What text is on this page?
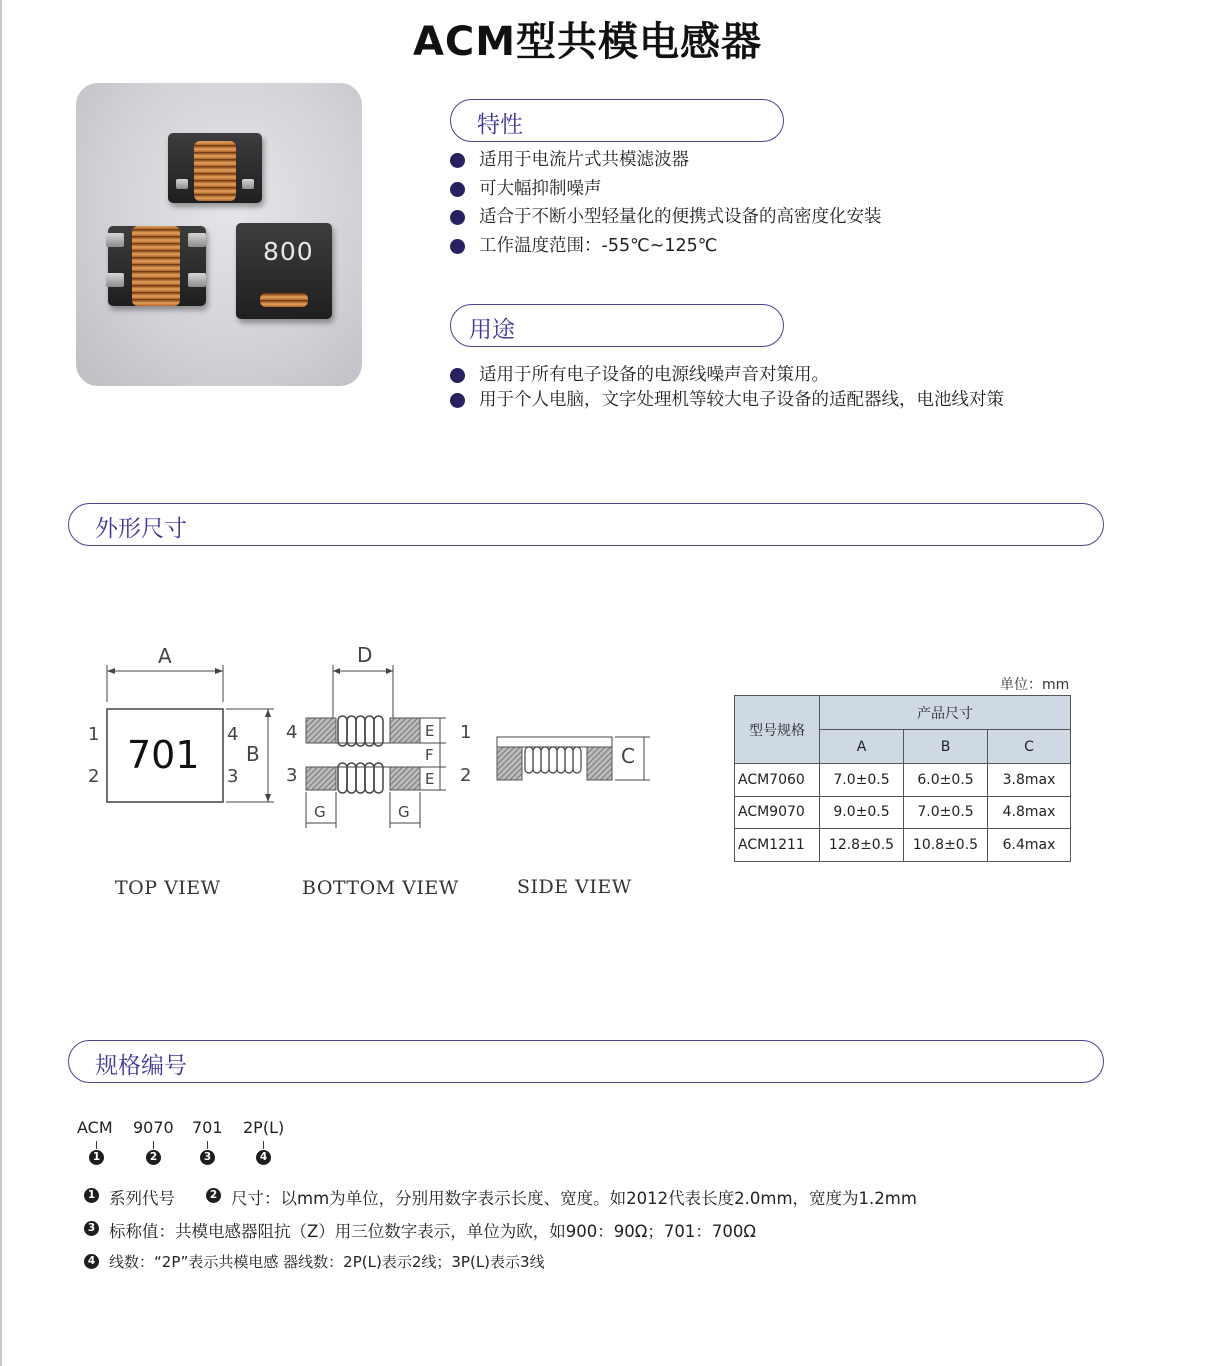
ACM型共模电感器
800
特性
适用于电流片式共模滤波器
可大幅抑制噪声
适合于不断小型轻量化的便携式设备的高密度化安装
工作温度范围：-55℃~125℃
用途
适用于所有电子设备的电源线噪声音对策用。
用于个人电脑，文字处理机等较大电子设备的适配器线，电池线对策
外形尺寸
A
701
1
2
4
3
B
TOP VIEW
D
E
F
E
G	G
4
3
1
2
BOTTOM VIEW
C
SIDE VIEW
单位：mm
型号规格	产品尺寸		
	A	B	C
ACM7060	7.0±0.5	6.0±0.5	3.8max
ACM9070	9.0±0.5	7.0±0.5	4.8max
ACM1211	12.8±0.5	10.8±0.5	6.4max
规格编号
ACM 9070 701 2P(L)
1	2	3	4
1 系列代号	2 尺寸：以mm为单位，分别用数字表示长度、宽度。如2012代表长度2.0mm，宽度为1.2mm
3 标称值：共模电感器阻抗（Z）用三位数字表示，单位为欧，如900：90Ω；701：700Ω
4 线数：“2P”表示共模电感 器线数：2P(L)表示2线；3P(L)表示3线
